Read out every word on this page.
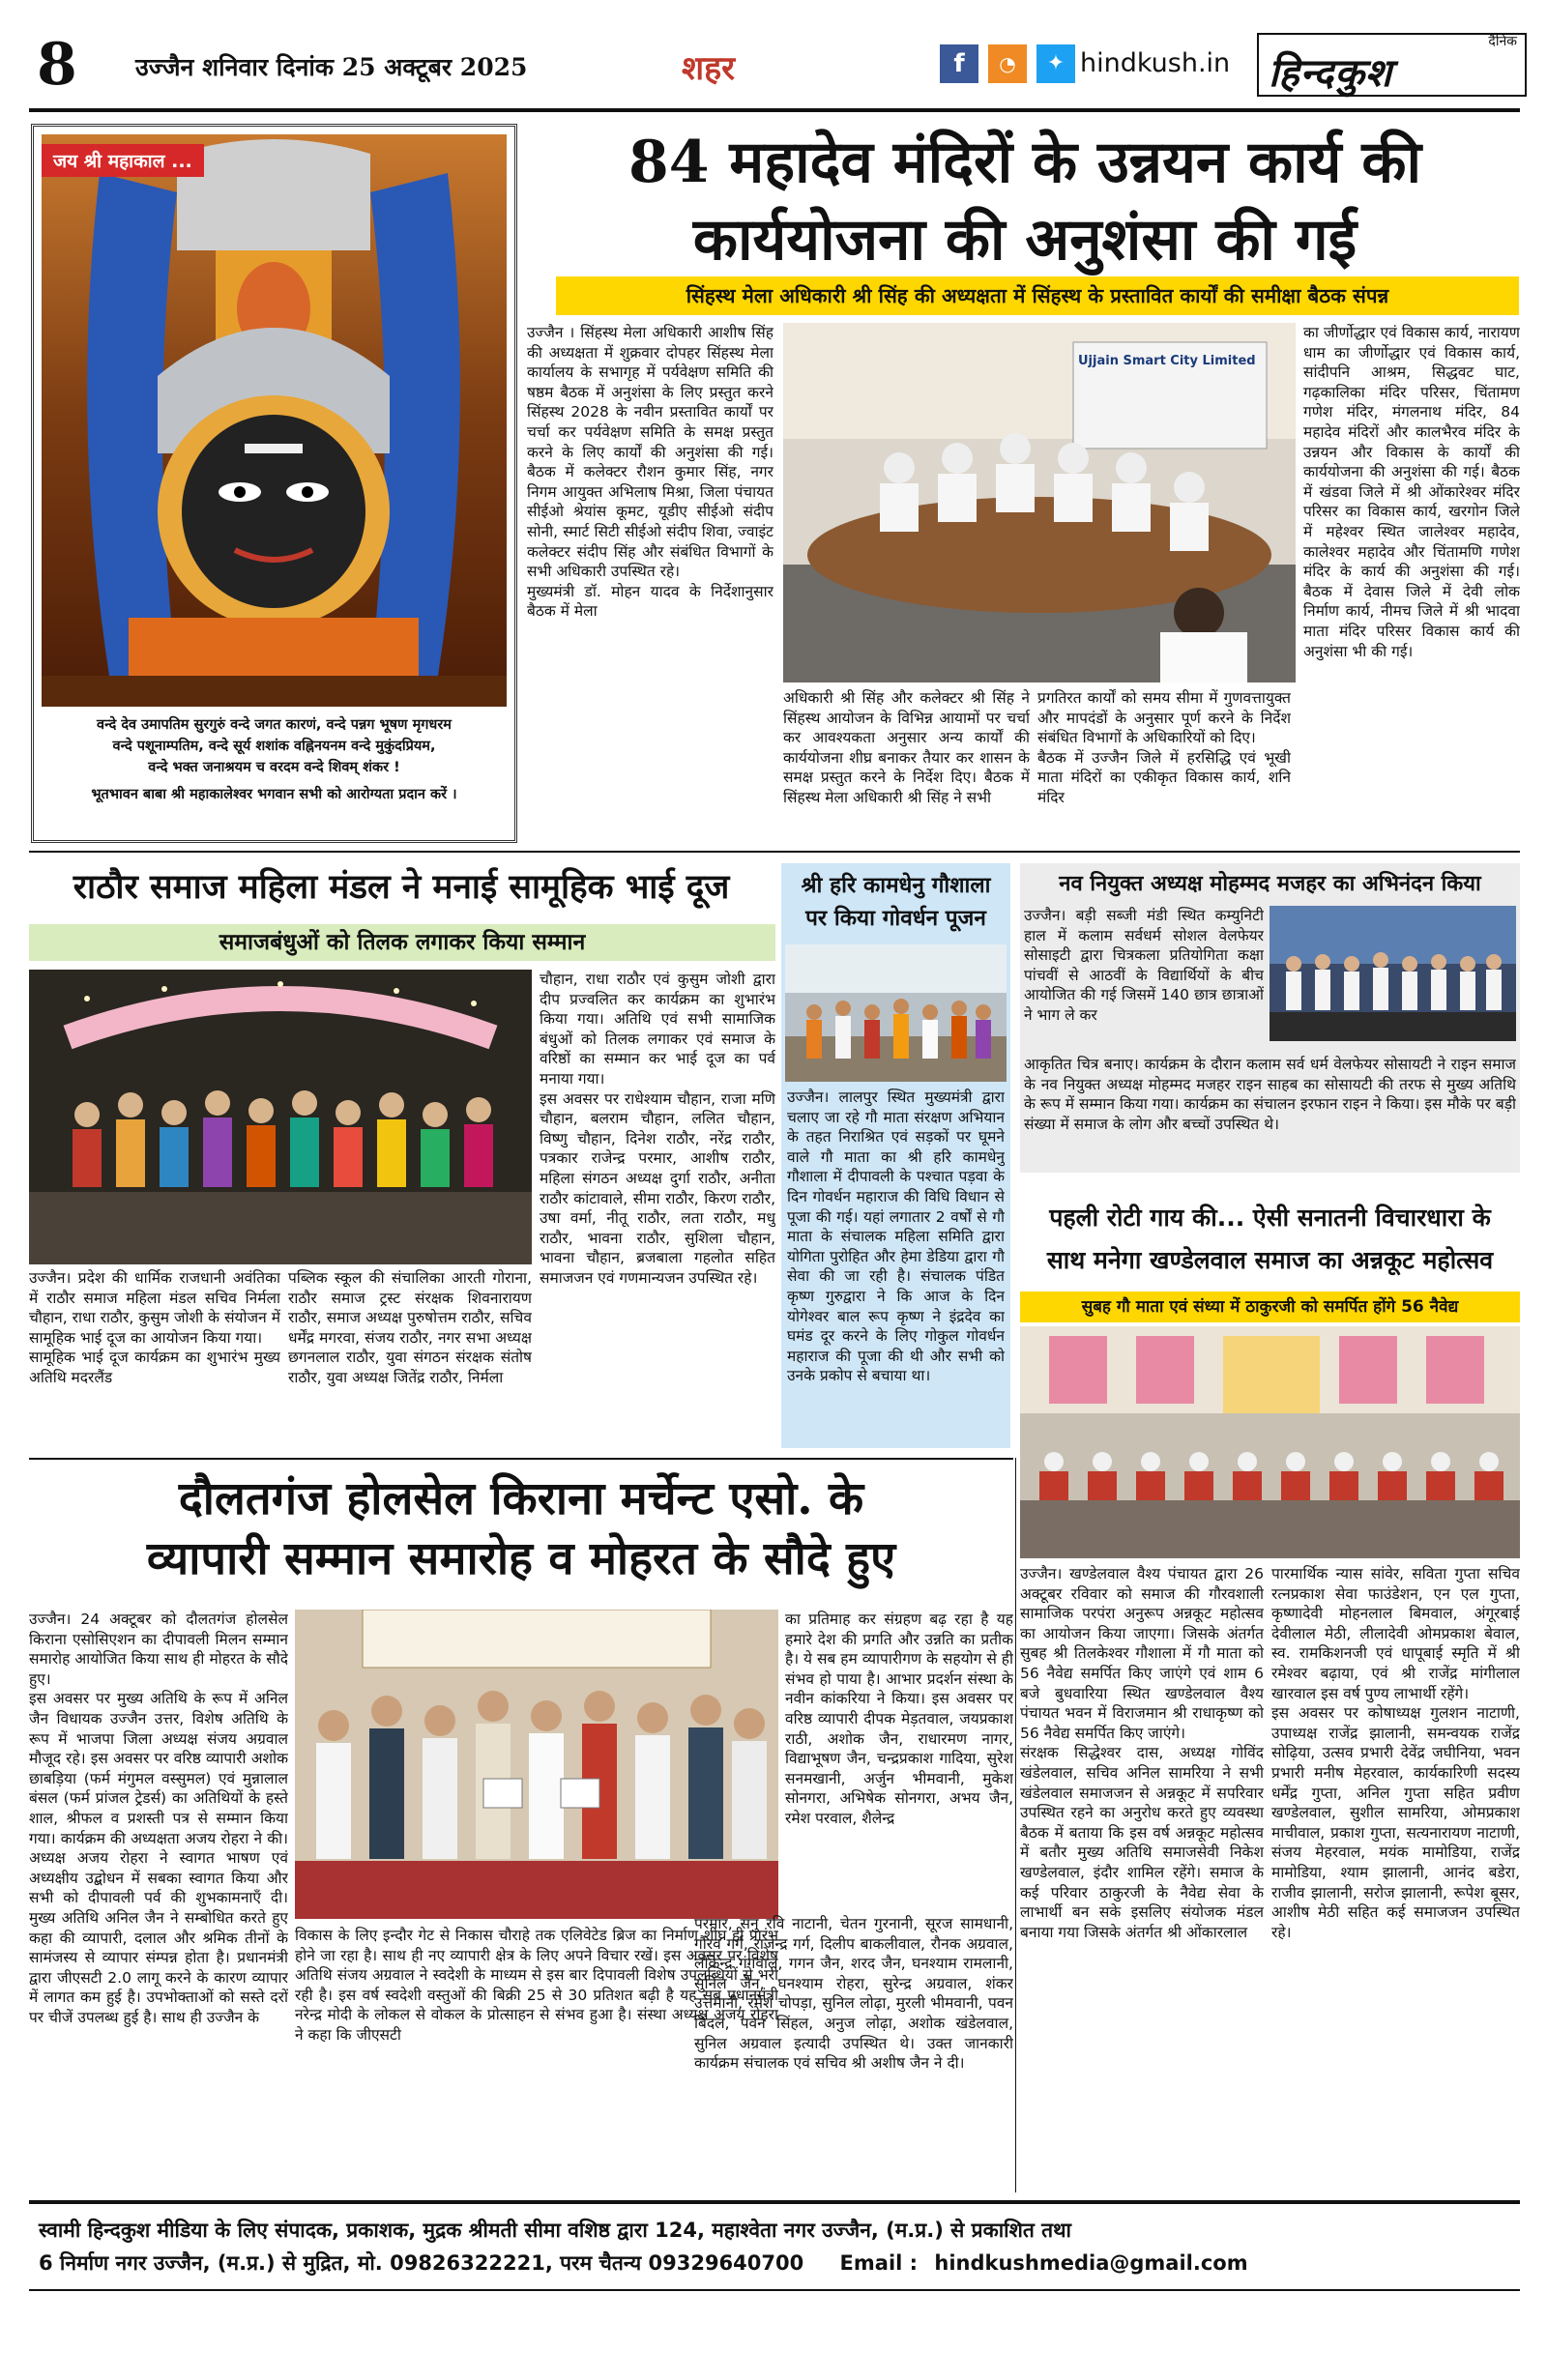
8	उज्जैन शनिवार दिनांक 25 अक्टूबर 2025	शहर	f	◔	✦ hindkush.in
दैनिक
हिन्दकुश
जय श्री महाकाल ...
वन्दे देव उमापतिम सुरगुरुं वन्दे जगत कारणं, वन्दे पन्नग भूषण मृगधरम
वन्दे पशूनाम्पतिम, वन्दे सूर्य शशांक वह्निनयनम वन्दे मुकुंदप्रियम,
वन्दे भक्त जनाश्रयम च वरदम वन्दे शिवम् शंकर !
भूतभावन बाबा श्री महाकालेश्वर भगवान सभी को आरोग्यता प्रदान करें ।
84 महादेव मंदिरों के उन्नयन कार्य की
कार्ययोजना की अनुशंसा की गई
सिंहस्थ मेला अधिकारी श्री सिंह की अध्यक्षता में सिंहस्थ के प्रस्तावित कार्यों की समीक्षा बैठक संपन्न
उज्जैन । सिंहस्थ मेला अधिकारी आशीष सिंह की अध्यक्षता में शुक्रवार दोपहर सिंहस्थ मेला कार्यालय के सभागृह में पर्यवेक्षण समिति की षष्ठम बैठक में अनुशंसा के लिए प्रस्तुत करने सिंहस्थ 2028 के नवीन प्रस्तावित कार्यों पर चर्चा कर पर्यवेक्षण समिति के समक्ष प्रस्तुत करने के लिए कार्यों की अनुशंसा की गई। बैठक में कलेक्टर रौशन कुमार सिंह, नगर निगम आयुक्त अभिलाष मिश्रा, जिला पंचायत सीईओ श्रेयांस कूमट, यूडीए सीईओ संदीप सोनी, स्मार्ट सिटी सीईओ संदीप शिवा, ज्वाइंट कलेक्टर संदीप सिंह और संबंधित विभागों के सभी अधिकारी उपस्थित रहे।
मुख्यमंत्री डॉ. मोहन यादव के निर्देशानुसार बैठक में मेला
Ujjain Smart City Limited
अधिकारी श्री सिंह और कलेक्टर श्री सिंह ने सिंहस्थ आयोजन के विभिन्न आयामों पर चर्चा कर आवश्यकता अनुसार अन्य कार्यों की कार्ययोजना शीघ्र बनाकर तैयार कर शासन के समक्ष प्रस्तुत करने के निर्देश दिए। बैठक में सिंहस्थ मेला अधिकारी श्री सिंह ने सभी
प्रगतिरत कार्यों को समय सीमा में गुणवत्तायुक्त और मापदंडों के अनुसार पूर्ण करने के निर्देश संबंधित विभागों के अधिकारियों को दिए।
बैठक में उज्जैन जिले में हरसिद्धि एवं भूखी माता मंदिरों का एकीकृत विकास कार्य, शनि मंदिर
का जीर्णोद्धार एवं विकास कार्य, नारायण धाम का जीर्णोद्धार एवं विकास कार्य, सांदीपनि आश्रम, सिद्धवट घाट, गढ़कालिका मंदिर परिसर, चिंतामण गणेश मंदिर, मंगलनाथ मंदिर, 84 महादेव मंदिरों और कालभैरव मंदिर के उन्नयन और विकास के कार्यों की कार्ययोजना की अनुशंसा की गई। बैठक में खंडवा जिले में श्री ओंकारेश्वर मंदिर परिसर का विकास कार्य, खरगोन जिले में महेश्वर स्थित जालेश्वर महादेव, कालेश्वर महादेव और चिंतामणि गणेश मंदिर के कार्य की अनुशंसा की गई। बैठक में देवास जिले में देवी लोक निर्माण कार्य, नीमच जिले में श्री भादवा माता मंदिर परिसर विकास कार्य की अनुशंसा भी की गई।
राठौर समाज महिला मंडल ने मनाई सामूहिक भाई दूज
समाजबंधुओं को तिलक लगाकर किया सम्मान
उज्जैन। प्रदेश की धार्मिक राजधानी अवंतिका में राठौर समाज महिला मंडल सचिव निर्मला चौहान, राधा राठौर, कुसुम जोशी के संयोजन में सामूहिक भाई दूज का आयोजन किया गया।
सामूहिक भाई दूज कार्यक्रम का शुभारंभ मुख्य अतिथि मदरलैंड
पब्लिक स्कूल की संचालिका आरती गोराना, राठौर समाज ट्रस्ट संरक्षक शिवनारायण राठौर, समाज अध्यक्ष पुरुषोत्तम राठौर, सचिव धर्मेंद्र मगरवा, संजय राठौर, नगर सभा अध्यक्ष छगनलाल राठौर, युवा संगठन संरक्षक संतोष राठौर, युवा अध्यक्ष जितेंद्र राठौर, निर्मला
चौहान, राधा राठौर एवं कुसुम जोशी द्वारा दीप प्रज्वलित कर कार्यक्रम का शुभारंभ किया गया। अतिथि एवं सभी सामाजिक बंधुओं को तिलक लगाकर एवं समाज के वरिष्ठों का सम्मान कर भाई दूज का पर्व मनाया गया।
इस अवसर पर राधेश्याम चौहान, राजा मणि चौहान, बलराम चौहान, ललित चौहान, विष्णु चौहान, दिनेश राठौर, नरेंद्र राठौर, पत्रकार राजेन्द्र परमार, आशीष राठौर, महिला संगठन अध्यक्ष दुर्गा राठौर, अनीता राठौर कांटावाले, सीमा राठौर, किरण राठौर, उषा वर्मा, नीतू राठौर, लता राठौर, मधु राठौर, भावना राठौर, सुशिला चौहान, भावना चौहान, ब्रजबाला गहलोत सहित समाजजन एवं गणमान्यजन उपस्थित रहे।
श्री हरि कामधेनु गौशाला
पर किया गोवर्धन पूजन
उज्जैन। लालपुर स्थित मुख्यमंत्री द्वारा चलाए जा रहे गौ माता संरक्षण अभियान के तहत निराश्रित एवं सड़कों पर घूमने वाले गौ माता का श्री हरि कामधेनु गौशाला में दीपावली के पश्चात पड़वा के दिन गोवर्धन महाराज की विधि विधान से पूजा की गई। यहां लगातार 2 वर्षों से गौ माता के संचालक महिला समिति द्वारा योगिता पुरोहित और हेमा डेडिया द्वारा गौ सेवा की जा रही है। संचालक पंडित कृष्ण गुरुद्वारा ने कि आज के दिन योगेश्वर बाल रूप कृष्ण ने इंद्रदेव का घमंड दूर करने के लिए गोकुल गोवर्धन महाराज की पूजा की थी और सभी को उनके प्रकोप से बचाया था।
नव नियुक्त अध्यक्ष मोहम्मद मजहर का अभिनंदन किया
उज्जैन। बड़ी सब्जी मंडी स्थित कम्युनिटी हाल में कलाम सर्वधर्म सोशल वेलफेयर सोसाइटी द्वारा चित्रकला प्रतियोगिता कक्षा पांचवीं से आठवीं के विद्यार्थियों के बीच आयोजित की गई जिसमें 140 छात्र छात्राओं ने भाग ले कर
आकृतित चित्र बनाए। कार्यक्रम के दौरान कलाम सर्व धर्म वेलफेयर सोसायटी ने राइन समाज के नव नियुक्त अध्यक्ष मोहम्मद मजहर राइन साहब का सोसायटी की तरफ से मुख्य अतिथि के रूप में सम्मान किया गया। कार्यक्रम का संचालन इरफान राइन ने किया। इस मौके पर बड़ी संख्या में समाज के लोग और बच्चों उपस्थित थे।
पहली रोटी गाय की... ऐसी सनातनी विचारधारा के
साथ मनेगा खण्डेलवाल समाज का अन्नकूट महोत्सव
सुबह गौ माता एवं संध्या में ठाकुरजी को समर्पित होंगे 56 नैवेद्य
उज्जैन। खण्डेलवाल वैश्य पंचायत द्वारा 26 अक्टूबर रविवार को समाज की गौरवशाली सामाजिक परपंरा अनुरूप अन्नकूट महोत्सव का आयोजन किया जाएगा। जिसके अंतर्गत सुबह श्री तिलकेश्वर गौशाला में गौ माता को 56 नैवेद्य समर्पित किए जाएंगे एवं शाम 6 बजे बुधवारिया स्थित खण्डेलवाल वैश्य पंचायत भवन में विराजमान श्री राधाकृष्ण को 56 नैवेद्य समर्पित किए जाएंगे।
संरक्षक सिद्धेश्वर दास, अध्यक्ष गोविंद खंडेलवाल, सचिव अनिल सामरिया ने सभी खंडेलवाल समाजजन से अन्नकूट में सपरिवार उपस्थित रहने का अनुरोध करते हुए व्यवस्था बैठक में बताया कि इस वर्ष अन्नकूट महोत्सव में बतौर मुख्य अतिथि समाजसेवी निकेश खण्डेलवाल, इंदौर शामिल रहेंगे। समाज के कई परिवार ठाकुरजी के नैवेद्य सेवा के लाभार्थी बन सके इसलिए संयोजक मंडल बनाया गया जिसके अंतर्गत श्री ओंकारलाल
पारमार्थिक न्यास सांवेर, सविता गुप्ता सचिव रत्नप्रकाश सेवा फाउंडेशन, एन एल गुप्ता, कृष्णादेवी मोहनलाल बिमवाल, अंगूरबाई देवीलाल मेठी, लीलादेवी ओमप्रकाश बेवाल, स्व. रामकिशनजी एवं धापूबाई स्मृति में श्री रमेश्वर बढ़ाया, एवं श्री राजेंद्र मांगीलाल खारवाल इस वर्ष पुण्य लाभार्थी रहेंगे।
इस अवसर पर कोषाध्यक्ष गुलशन नाटाणी, उपाध्यक्ष राजेंद्र झालानी, समन्वयक राजेंद्र सोढ़िया, उत्सव प्रभारी देवेंद्र जघीनिया, भवन प्रभारी मनीष मेहरवाल, कार्यकारिणी सदस्य धर्मेंद्र गुप्ता, अनिल गुप्ता सहित प्रवीण खण्डेलवाल, सुशील सामरिया, ओमप्रकाश माचीवाल, प्रकाश गुप्ता, सत्यनारायण नाटाणी, संजय मेहरवाल, मयंक मामोडिया, राजेंद्र मामोडिया, श्याम झालानी, आनंद बडेरा, राजीव झालानी, सरोज झालानी, रूपेश बूसर, आशीष मेठी सहित कई समाजजन उपस्थित रहे।
दौलतगंज होलसेल किराना मर्चेन्ट एसो. के
व्यापारी सम्मान समारोह व मोहरत के सौदे हुए
उज्जैन। 24 अक्टूबर को दौलतगंज होलसेल किराना एसोसिएशन का दीपावली मिलन सम्मान समारोह आयोजित किया साथ ही मोहरत के सौदे हुए।
इस अवसर पर मुख्य अतिथि के रूप में अनिल जैन विधायक उज्जैन उत्तर, विशेष अतिथि के रूप में भाजपा जिला अध्यक्ष संजय अग्रवाल मौजूद रहे। इस अवसर पर वरिष्ठ व्यापारी अशोक छाबड़िया (फर्म मंगुमल वस्सुमल) एवं मुन्नालाल बंसल (फर्म प्रांजल ट्रेडर्स) का अतिथियों के हस्ते शाल, श्रीफल व प्रशस्ती पत्र से सम्मान किया गया। कार्यक्रम की अध्यक्षता अजय रोहरा ने की। अध्यक्ष अजय रोहरा ने स्वागत भाषण एवं अध्यक्षीय उद्बोधन में सबका स्वागत किया और सभी को दीपावली पर्व की शुभकामनाएँ दी। मुख्य अतिथि अनिल जैन ने सम्बोधित करते हुए कहा की व्यापारी, दलाल और श्रमिक तीनों के सामंजस्य से व्यापार संम्पन्न होता है। प्रधानमंत्री द्वारा जीएसटी 2.0 लागू करने के कारण व्यापार में लागत कम हुई है। उपभोक्ताओं को सस्ते दरों पर चीजें उपलब्ध हुई है। साथ ही उज्जैन के
विकास के लिए इन्दौर गेट से निकास चौराहे तक एलिवेटेड ब्रिज का निर्माण शीघ्र ही प्रारंभ होने जा रहा है। साथ ही नए व्यापारी क्षेत्र के लिए अपने विचार रखें। इस अवसर पर विशेष अतिथि संजय अग्रवाल ने स्वदेशी के माध्यम से इस बार दिपावली विशेष उपलब्धियों से भरी रही है। इस वर्ष स्वदेशी वस्तुओं की बिक्री 25 से 30 प्रतिशत बढ़ी है यह सब प्रधानमंत्री नरेन्द्र मोदी के लोकल से वोकल के प्रोत्साहन से संभव हुआ है। संस्था अध्यक्ष अजय रोहरा ने कहा कि जीएसटी
का प्रतिमाह कर संग्रहण बढ़ रहा है यह हमारे देश की प्रगति और उन्नति का प्रतीक है। ये सब हम व्यापारीगण के सहयोग से ही संभव हो पाया है। आभार प्रदर्शन संस्था के नवीन कांकरिया ने किया। इस अवसर पर वरिष्ठ व्यापारी दीपक मेड़तवाल, जयप्रकाश राठी, अशोक जैन, राधारमण नागर, विद्याभूषण जैन, चन्द्रप्रकाश गादिया, सुरेश सनमखानी, अर्जुन भीमवानी, मुकेश सोनगरा, अभिषेक सोनगरा, अभय जैन, रमेश परवाल, शैलेन्द्र
परमार, सनु रवि नाटानी, चेतन गुरनानी, सूरज सामधानी, गौरव गर्ग, राजेन्द्र गर्ग, दिलीप बाकलीवाल, रौनक अग्रवाल, लोकेन्द्र गंगवाल, गगन जैन, शरद जैन, घनश्याम रामलानी, सुनिल जैन, घनश्याम रोहरा, सुरेन्द्र अग्रवाल, शंकर उत्तमानी, रमेश चोपड़ा, सुनिल लोढ़ा, मुरली भीमवानी, पवन बिंदल, पवन सिंहल, अनुज लोढ़ा, अशोक खंडेलवाल, सुनिल अग्रवाल इत्यादी उपस्थित थे। उक्त जानकारी कार्यक्रम संचालक एवं सचिव श्री अशीष जैन ने दी।
स्वामी हिन्दकुश मीडिया के लिए संपादक, प्रकाशक, मुद्रक श्रीमती सीमा वशिष्ठ द्वारा 124, महाश्वेता नगर उज्जैन, (म.प्र.) से प्रकाशित तथा
6 निर्माण नगर उज्जैन, (म.प्र.) से मुद्रित, मो. 09826322221, परम चैतन्य 09329640700 Email : hindkushmedia@gmail.com
